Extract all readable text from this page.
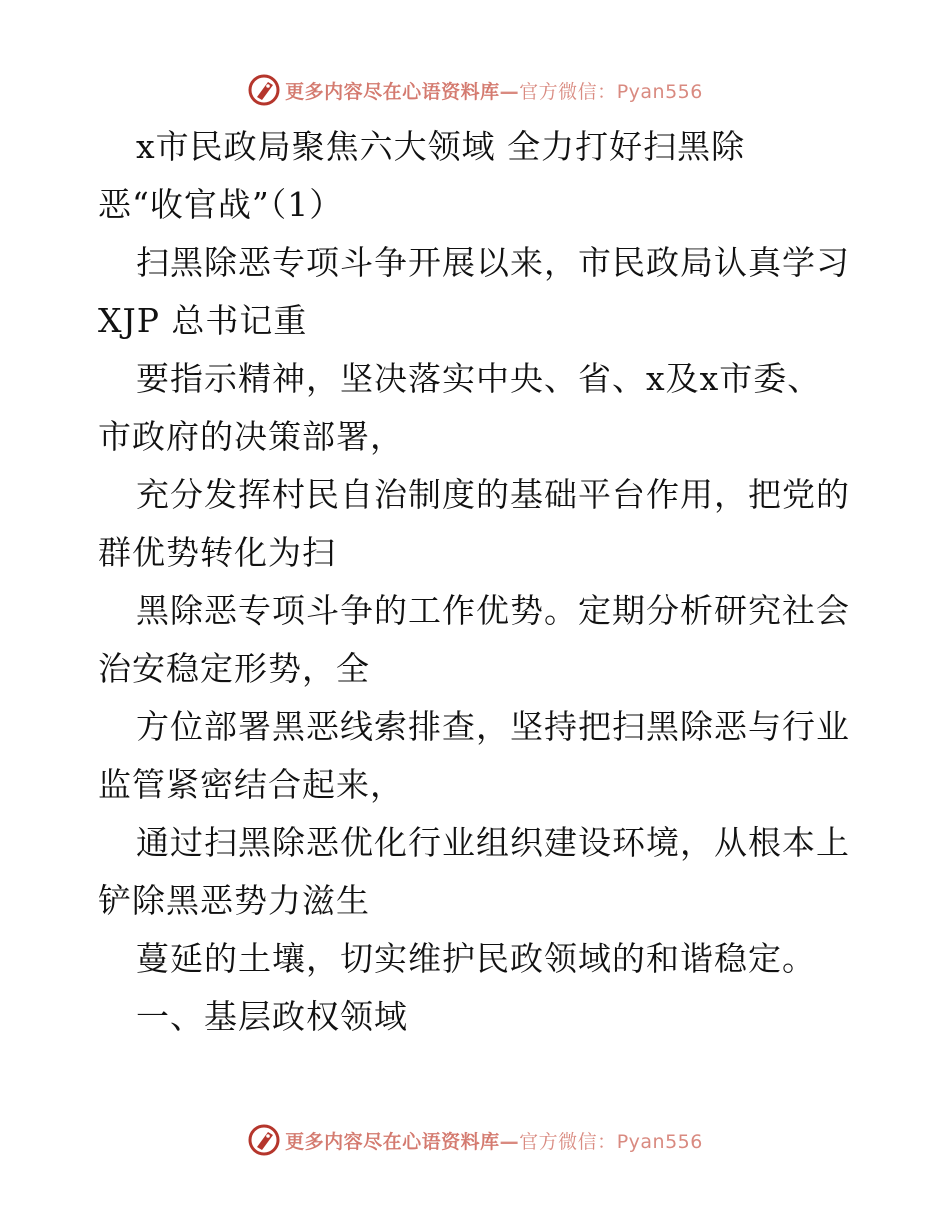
更多内容尽在心语资料库—官方微信：Pyan556
x市民政局聚焦六大领域 全力打好扫黑除
恶“收官战”（1）
扫黑除恶专项斗争开展以来，市民政局认真学习
XJP 总书记重
要指示精神，坚决落实中央、省、x及x市委、
市政府的决策部署，
充分发挥村民自治制度的基础平台作用，把党的
群优势转化为扫
黑除恶专项斗争的工作优势。定期分析研究社会
治安稳定形势，全
方位部署黑恶线索排查，坚持把扫黑除恶与行业
监管紧密结合起来，
通过扫黑除恶优化行业组织建设环境，从根本上
铲除黑恶势力滋生
蔓延的土壤，切实维护民政领域的和谐稳定。
一、基层政权领域
更多内容尽在心语资料库—官方微信：Pyan556
